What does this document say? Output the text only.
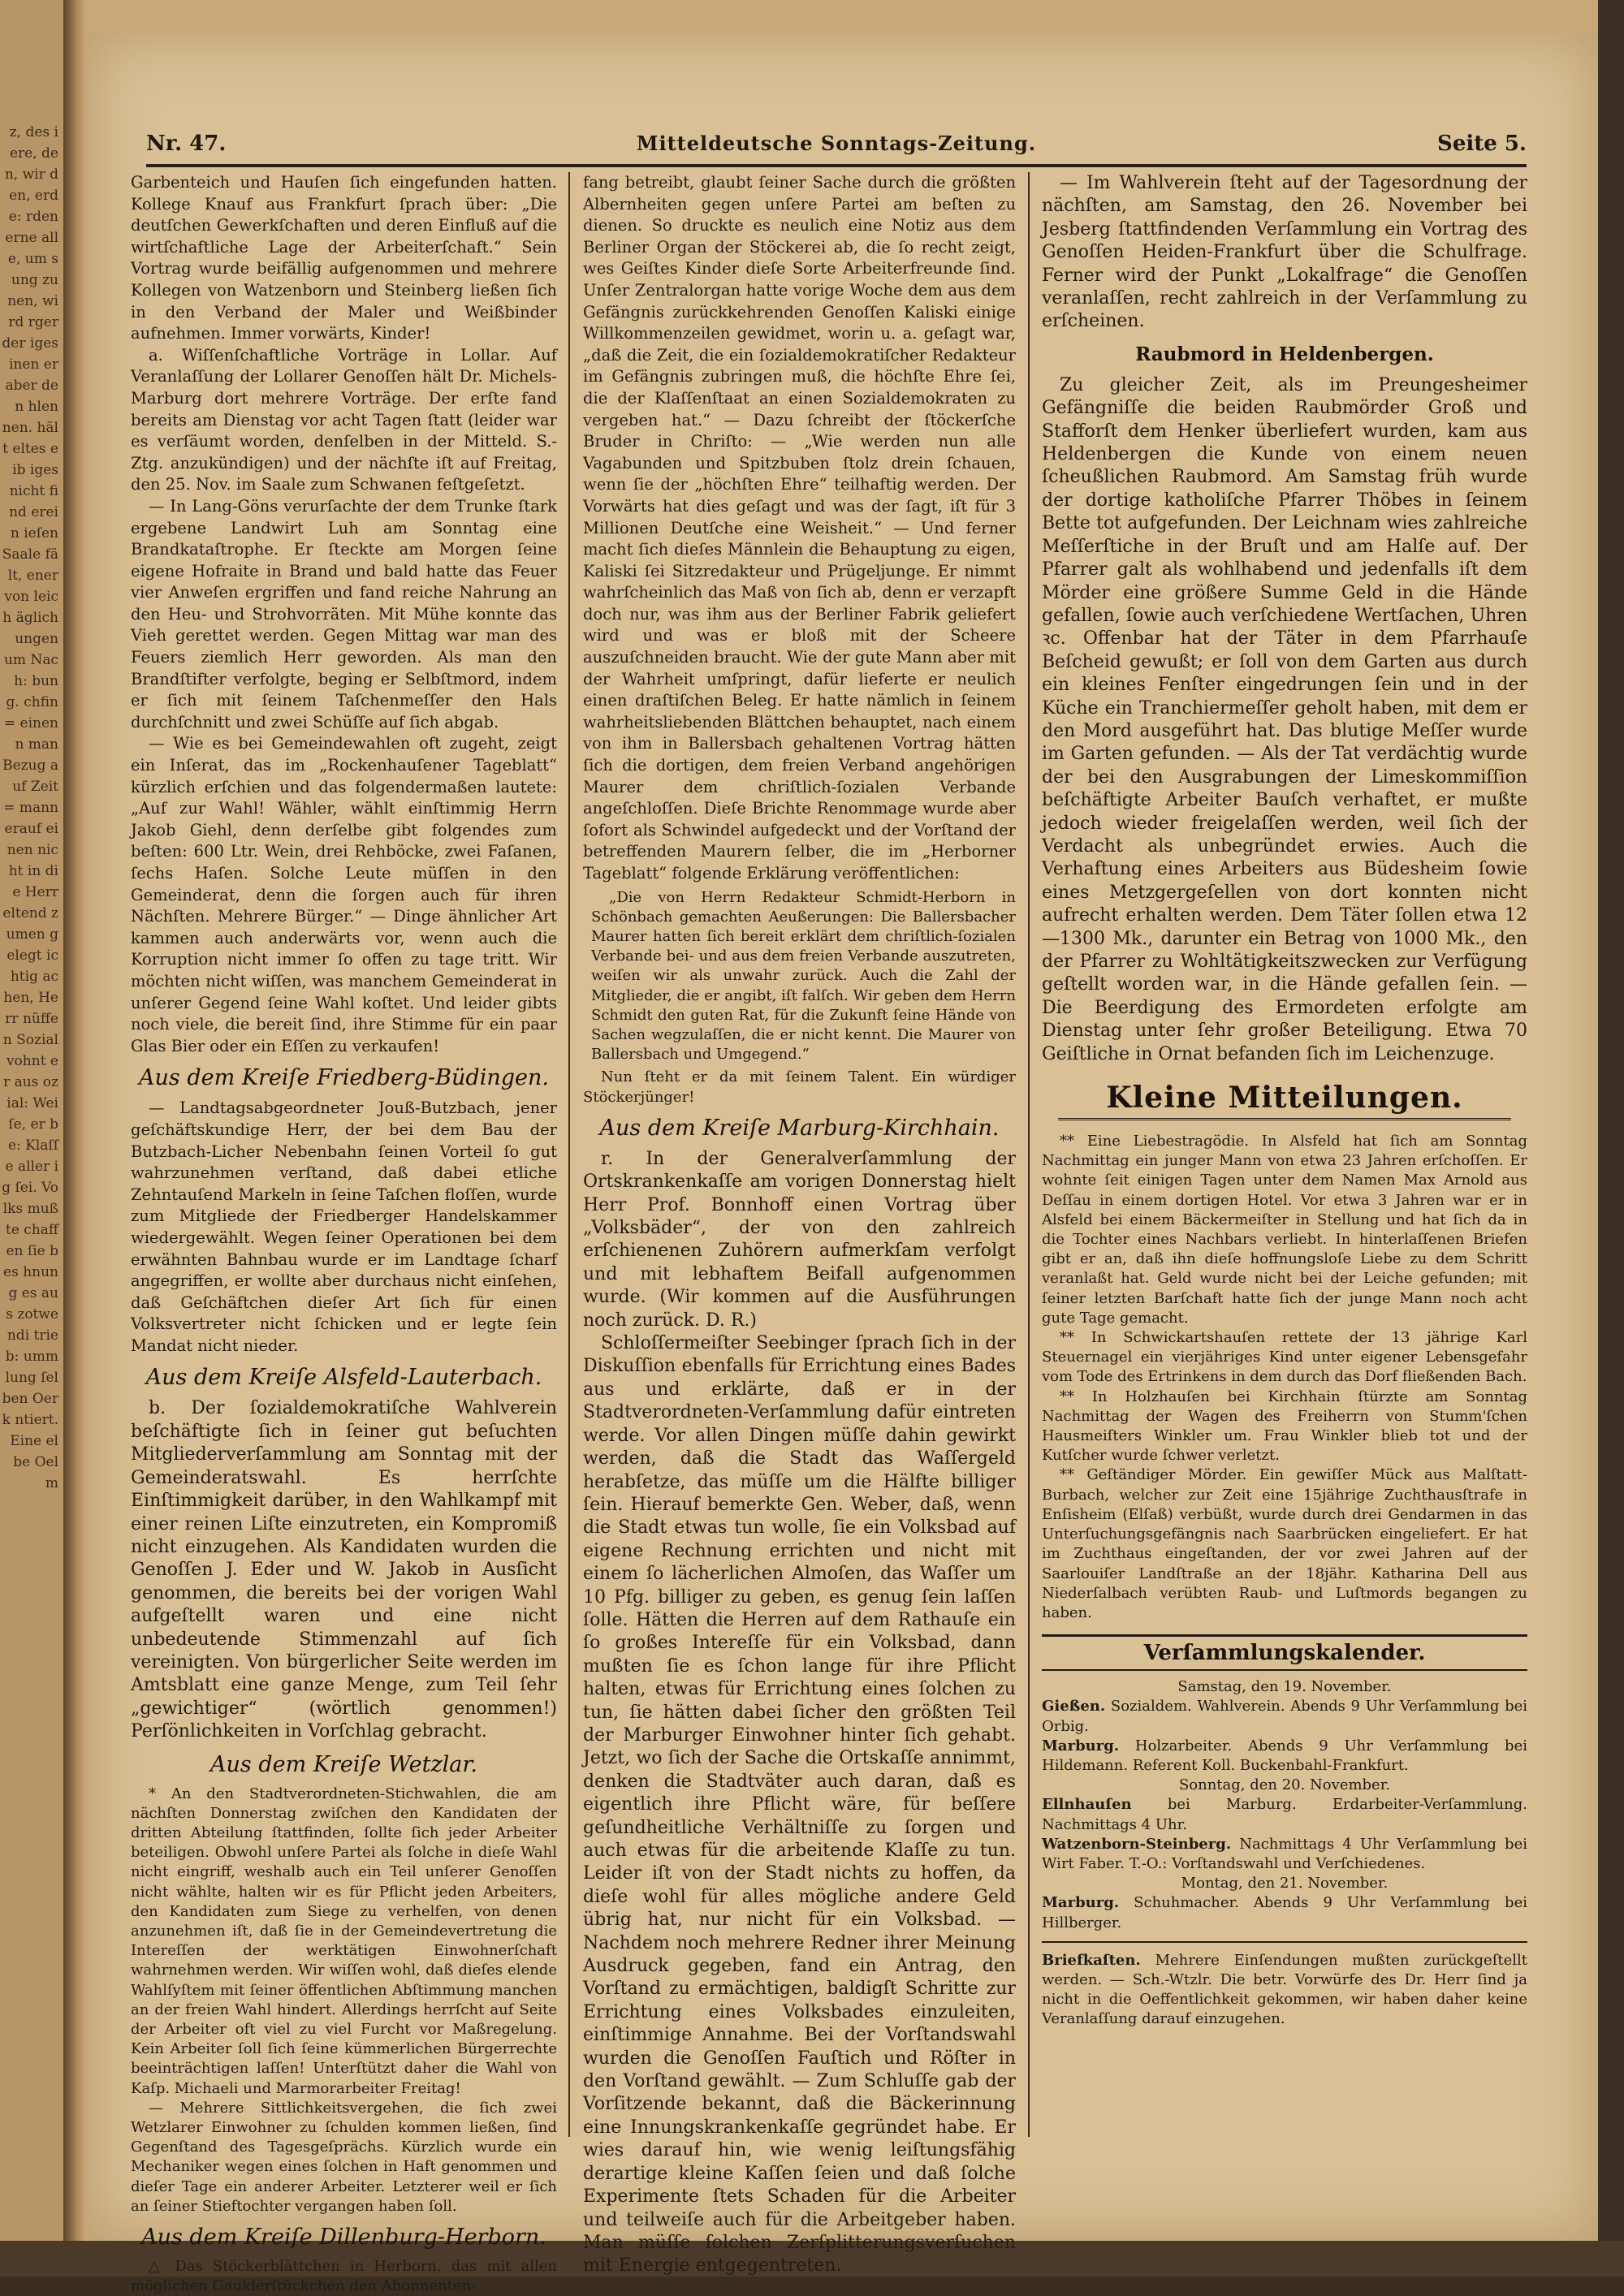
z, des iere, den, wir den, erde: rden erne alle, um sung zu nen, wird rger der iges inen er aber den hlen nen. hält eltes eib iges nicht find erein ieſen Saale fält, ener von leich äglich ungen um Nach: bung. chfin= einen n man Bezug auf Zeit= mann erauf einen nicht in die Herr eltend zumen gelegt ichtig achen, Herr nüffen Sozial vohnt er aus ozial: Weiſe, er be: Klaſſe aller ig ſei. Volks mußte chaffen ſie bes hnung es aus zotwendi trieb: ummlung ſelben Oerk ntiert. Eine elbe Oelm
Nr. 47.	Mitteldeutsche Sonntags-Zeitung.	Seite 5.

Garbenteich und Hauſen ſich eingefunden hatten. Kollege Knauf aus Frankfurt ſprach über: „Die deutſchen Gewerkſchaften und deren Einfluß auf die wirtſchaftliche Lage der Arbeiterſchaft.“ Sein Vortrag wurde beifällig aufgenommen und mehrere Kollegen von Watzenborn und Steinberg ließen ſich in den Verband der Maler und Weißbinder aufnehmen. Immer vorwärts, Kinder!

a. Wiſſenſchaftliche Vorträge in Lollar. Auf Veranlaſſung der Lollarer Genoſſen hält Dr. Michels-Marburg dort mehrere Vorträge. Der erſte fand bereits am Dienstag vor acht Tagen ſtatt (leider war es verſäumt worden, denſelben in der Mitteld. S.-Ztg. anzukündigen) und der nächſte iſt auf Freitag, den 25. Nov. im Saale zum Schwanen feſtgeſetzt.

— In Lang-Göns verurſachte der dem Trunke ſtark ergebene Landwirt Luh am Sonntag eine Brandkataſtrophe. Er ſteckte am Morgen ſeine eigene Hofraite in Brand und bald hatte das Feuer vier Anweſen ergriffen und fand reiche Nahrung an den Heu- und Strohvorräten. Mit Mühe konnte das Vieh gerettet werden. Gegen Mittag war man des Feuers ziemlich Herr geworden. Als man den Brandſtifter verfolgte, beging er Selbſtmord, indem er ſich mit ſeinem Taſchenmeſſer den Hals durchſchnitt und zwei Schüſſe auf ſich abgab.

— Wie es bei Gemeindewahlen oft zugeht, zeigt ein Inſerat, das im „Rockenhauſener Tageblatt“ kürzlich erſchien und das folgendermaßen lautete: „Auf zur Wahl! Wähler, wählt einſtimmig Herrn Jakob Giehl, denn derſelbe gibt folgendes zum beſten: 600 Ltr. Wein, drei Rehböcke, zwei Faſanen, ſechs Haſen. Solche Leute müſſen in den Gemeinderat, denn die ſorgen auch für ihren Nächſten. Mehrere Bürger.“ — Dinge ähnlicher Art kammen auch anderwärts vor, wenn auch die Korruption nicht immer ſo offen zu tage tritt. Wir möchten nicht wiſſen, was manchem Gemeinderat in unſerer Gegend ſeine Wahl koſtet. Und leider gibts noch viele, die bereit ſind, ihre Stimme für ein paar Glas Bier oder ein Eſſen zu verkaufen!

Aus dem Kreiſe Friedberg-Büdingen.

— Landtagsabgeordneter Jouß-Butzbach, jener geſchäftskundige Herr, der bei dem Bau der Butzbach-Licher Nebenbahn ſeinen Vorteil ſo gut wahrzunehmen verſtand, daß dabei etliche Zehntauſend Markeln in ſeine Taſchen floſſen, wurde zum Mitgliede der Friedberger Handelskammer wiedergewählt. Wegen ſeiner Operationen bei dem erwähnten Bahnbau wurde er im Landtage ſcharf angegriffen, er wollte aber durchaus nicht einſehen, daß Geſchäftchen dieſer Art ſich für einen Volksvertreter nicht ſchicken und er legte ſein Mandat nicht nieder.

Aus dem Kreiſe Alsfeld-Lauterbach.

b. Der ſozialdemokratiſche Wahlverein beſchäftigte ſich in ſeiner gut beſuchten Mitgliederverſammlung am Sonntag mit der Gemeinderatswahl. Es herrſchte Einſtimmigkeit darüber, in den Wahlkampf mit einer reinen Liſte einzutreten, ein Kompromiß nicht einzugehen. Als Kandidaten wurden die Genoſſen J. Eder und W. Jakob in Ausſicht genommen, die bereits bei der vorigen Wahl aufgeſtellt waren und eine nicht unbedeutende Stimmenzahl auf ſich vereinigten. Von bürgerlicher Seite werden im Amtsblatt eine ganze Menge, zum Teil ſehr „gewichtiger“ (wörtlich genommen!) Perſönlichkeiten in Vorſchlag gebracht.

Aus dem Kreiſe Wetzlar.

* An den Stadtverordneten-Stichwahlen, die am nächſten Donnerstag zwiſchen den Kandidaten der dritten Abteilung ſtattfinden, ſollte ſich jeder Arbeiter beteiligen. Obwohl unſere Partei als ſolche in dieſe Wahl nicht eingriff, weshalb auch ein Teil unſerer Genoſſen nicht wählte, halten wir es für Pflicht jeden Arbeiters, den Kandidaten zum Siege zu verhelfen, von denen anzunehmen iſt, daß ſie in der Gemeindevertretung die Intereſſen der werktätigen Einwohnerſchaft wahrnehmen werden. Wir wiſſen wohl, daß dieſes elende Wahlſyſtem mit ſeiner öffentlichen Abſtimmung manchen an der freien Wahl hindert. Allerdings herrſcht auf Seite der Arbeiter oft viel zu viel Furcht vor Maßregelung. Kein Arbeiter ſoll ſich ſeine kümmerlichen Bürgerrechte beeinträchtigen laſſen! Unterſtützt daher die Wahl von Kaſp. Michaeli und Marmorarbeiter Freitag!

— Mehrere Sittlichkeitsvergehen, die ſich zwei Wetzlarer Einwohner zu ſchulden kommen ließen, ſind Gegenſtand des Tagesgeſprächs. Kürzlich wurde ein Mechaniker wegen eines ſolchen in Haft genommen und dieſer Tage ein anderer Arbeiter. Letzterer weil er ſich an ſeiner Stieftochter vergangen haben ſoll.

Aus dem Kreiſe Dillenburg-Herborn.

△ Das Stöckerblättchen in Herborn, das mit allen möglichen Gauklerſtückchen den Abonnenten-

fang betreibt, glaubt ſeiner Sache durch die größten Albernheiten gegen unſere Partei am beſten zu dienen. So druckte es neulich eine Notiz aus dem Berliner Organ der Stöckerei ab, die ſo recht zeigt, wes Geiſtes Kinder dieſe Sorte Arbeiterfreunde ſind. Unſer Zentralorgan hatte vorige Woche dem aus dem Gefängnis zurückkehrenden Genoſſen Kaliski einige Willkommenzeilen gewidmet, worin u. a. geſagt war, „daß die Zeit, die ein ſozialdemokratiſcher Redakteur im Gefängnis zubringen muß, die höchſte Ehre ſei, die der Klaſſenſtaat an einen Sozialdemokraten zu vergeben hat.“ — Dazu ſchreibt der ſtöckerſche Bruder in Chriſto: — „Wie werden nun alle Vagabunden und Spitzbuben ſtolz drein ſchauen, wenn ſie der „höchſten Ehre“ teilhaftig werden. Der Vorwärts hat dies geſagt und was der ſagt, iſt für 3 Millionen Deutſche eine Weisheit.“ — Und ferner macht ſich dieſes Männlein die Behauptung zu eigen, Kaliski ſei Sitzredakteur und Prügeljunge. Er nimmt wahrſcheinlich das Maß von ſich ab, denn er verzapft doch nur, was ihm aus der Berliner Fabrik geliefert wird und was er bloß mit der Scheere auszuſchneiden braucht. Wie der gute Mann aber mit der Wahrheit umſpringt, dafür lieferte er neulich einen draſtiſchen Beleg. Er hatte nämlich in ſeinem wahrheitsliebenden Blättchen behauptet, nach einem von ihm in Ballersbach gehaltenen Vortrag hätten ſich die dortigen, dem freien Verband angehörigen Maurer dem chriſtlich-ſozialen Verbande angeſchloſſen. Dieſe Brichte Renommage wurde aber ſofort als Schwindel aufgedeckt und der Vorſtand der betreffenden Maurern ſelber, die im „Herborner Tageblatt“ folgende Erklärung veröffentlichen:

„Die von Herrn Redakteur Schmidt-Herborn in Schönbach gemachten Aeußerungen: Die Ballersbacher Maurer hatten ſich bereit erklärt dem chriſtlich-ſozialen Verbande bei- und aus dem freien Verbande auszutreten, weiſen wir als unwahr zurück. Auch die Zahl der Mitglieder, die er angibt, iſt falſch. Wir geben dem Herrn Schmidt den guten Rat, für die Zukunft ſeine Hände von Sachen wegzulaſſen, die er nicht kennt. Die Maurer von Ballersbach und Umgegend.“

Nun ſteht er da mit ſeinem Talent. Ein würdiger Stöckerjünger!

Aus dem Kreiſe Marburg-Kirchhain.

r. In der Generalverſammlung der Ortskrankenkaſſe am vorigen Donnerstag hielt Herr Prof. Bonnhoff einen Vortrag über „Volksbäder“, der von den zahlreich erſchienenen Zuhörern aufmerkſam verfolgt und mit lebhaftem Beifall aufgenommen wurde. (Wir kommen auf die Ausführungen noch zurück. D. R.)

Schloſſermeiſter Seebinger ſprach ſich in der Diskuſſion ebenfalls für Errichtung eines Bades aus und erklärte, daß er in der Stadtverordneten-Verſammlung dafür eintreten werde. Vor allen Dingen müſſe dahin gewirkt werden, daß die Stadt das Waſſergeld herabſetze, das müſſe um die Hälfte billiger ſein. Hierauf bemerkte Gen. Weber, daß, wenn die Stadt etwas tun wolle, ſie ein Volksbad auf eigene Rechnung errichten und nicht mit einem ſo lächerlichen Almoſen, das Waſſer um 10 Pfg. billiger zu geben, es genug ſein laſſen ſolle. Hätten die Herren auf dem Rathauſe ein ſo großes Intereſſe für ein Volksbad, dann mußten ſie es ſchon lange für ihre Pflicht halten, etwas für Errichtung eines ſolchen zu tun, ſie hätten dabei ſicher den größten Teil der Marburger Einwohner hinter ſich gehabt. Jetzt, wo ſich der Sache die Ortskaſſe annimmt, denken die Stadtväter auch daran, daß es eigentlich ihre Pflicht wäre, für beſſere geſundheitliche Verhältniſſe zu ſorgen und auch etwas für die arbeitende Klaſſe zu tun. Leider iſt von der Stadt nichts zu hoffen, da dieſe wohl für alles mögliche andere Geld übrig hat, nur nicht für ein Volksbad. — Nachdem noch mehrere Redner ihrer Meinung Ausdruck gegeben, fand ein Antrag, den Vorſtand zu ermächtigen, baldigſt Schritte zur Errichtung eines Volksbades einzuleiten, einſtimmige Annahme. Bei der Vorſtandswahl wurden die Genoſſen Fauſtich und Röſter in den Vorſtand gewählt. — Zum Schluſſe gab der Vorſitzende bekannt, daß die Bäckerinnung eine Innungskrankenkaſſe gegründet habe. Er wies darauf hin, wie wenig leiſtungsfähig derartige kleine Kaſſen ſeien und daß ſolche Experimente ſtets Schaden für die Arbeiter und teilweiſe auch für die Arbeitgeber haben. Man müſſe ſolchen Zerſplitterungsverſuchen mit Energie entgegentreten.

— Im Wahlverein ſteht auf der Tagesordnung der nächſten, am Samstag, den 26. November bei Jesberg ſtattfindenden Verſammlung ein Vortrag des Genoſſen Heiden-Frankfurt über die Schulfrage. Ferner wird der Punkt „Lokalfrage“ die Genoſſen veranlaſſen, recht zahlreich in der Verſammlung zu erſcheinen.

Raubmord in Heldenbergen.

Zu gleicher Zeit, als im Preungesheimer Gefängniſſe die beiden Raubmörder Groß und Stafforſt dem Henker überliefert wurden, kam aus Heldenbergen die Kunde von einem neuen ſcheußlichen Raubmord. Am Samstag früh wurde der dortige katholiſche Pfarrer Thöbes in ſeinem Bette tot aufgefunden. Der Leichnam wies zahlreiche Meſſerſtiche in der Bruſt und am Halſe auf. Der Pfarrer galt als wohlhabend und jedenfalls iſt dem Mörder eine größere Summe Geld in die Hände gefallen, ſowie auch verſchiedene Wertſachen, Uhren ꝛc. Offenbar hat der Täter in dem Pfarrhauſe Beſcheid gewußt; er ſoll von dem Garten aus durch ein kleines Fenſter eingedrungen ſein und in der Küche ein Tranchiermeſſer geholt haben, mit dem er den Mord ausgeführt hat. Das blutige Meſſer wurde im Garten gefunden. — Als der Tat verdächtig wurde der bei den Ausgrabungen der Limeskommiſſion beſchäftigte Arbeiter Bauſch verhaftet, er mußte jedoch wieder freigelaſſen werden, weil ſich der Verdacht als unbegründet erwies. Auch die Verhaftung eines Arbeiters aus Büdesheim ſowie eines Metzgergeſellen von dort konnten nicht aufrecht erhalten werden. Dem Täter ſollen etwa 12—1300 Mk., darunter ein Betrag von 1000 Mk., den der Pfarrer zu Wohltätigkeitszwecken zur Verfügung geſtellt worden war, in die Hände gefallen ſein. — Die Beerdigung des Ermordeten erfolgte am Dienstag unter ſehr großer Beteiligung. Etwa 70 Geiſtliche in Ornat befanden ſich im Leichenzuge.

Kleine Mitteilungen.

** Eine Liebestragödie. In Alsfeld hat ſich am Sonntag Nachmittag ein junger Mann von etwa 23 Jahren erſchoſſen. Er wohnte ſeit einigen Tagen unter dem Namen Max Arnold aus Deſſau in einem dortigen Hotel. Vor etwa 3 Jahren war er in Alsfeld bei einem Bäckermeiſter in Stellung und hat ſich da in die Tochter eines Nachbars verliebt. In hinterlaſſenen Briefen gibt er an, daß ihn dieſe hoffnungsloſe Liebe zu dem Schritt veranlaßt hat. Geld wurde nicht bei der Leiche gefunden; mit ſeiner letzten Barſchaft hatte ſich der junge Mann noch acht gute Tage gemacht.

** In Schwickartshauſen rettete der 13 jährige Karl Steuernagel ein vierjähriges Kind unter eigener Lebensgefahr vom Tode des Ertrinkens in dem durch das Dorf fließenden Bach.

** In Holzhauſen bei Kirchhain ſtürzte am Sonntag Nachmittag der Wagen des Freiherrn von Stumm'ſchen Hausmeiſters Winkler um. Frau Winkler blieb tot und der Kutſcher wurde ſchwer verletzt.

** Geſtändiger Mörder. Ein gewiſſer Mück aus Malſtatt-Burbach, welcher zur Zeit eine 15jährige Zuchthausſtrafe in Enſisheim (Elſaß) verbüßt, wurde durch drei Gendarmen in das Unterſuchungsgefängnis nach Saarbrücken eingeliefert. Er hat im Zuchthaus eingeſtanden, der vor zwei Jahren auf der Saarlouiſer Landſtraße an der 18jähr. Katharina Dell aus Niederſalbach verübten Raub- und Luſtmords begangen zu haben.

Verſammlungskalender.

Samstag, den 19. November.

Gießen. Sozialdem. Wahlverein. Abends 9 Uhr Verſammlung bei Orbig.

Marburg. Holzarbeiter. Abends 9 Uhr Verſammlung bei Hildemann. Referent Koll. Buckenbahl-Frankfurt.

Sonntag, den 20. November.

Ellnhauſen bei Marburg. Erdarbeiter-Verſammlung. Nachmittags 4 Uhr.

Watzenborn-Steinberg. Nachmittags 4 Uhr Verſammlung bei Wirt Faber. T.-O.: Vorſtandswahl und Verſchiedenes.

Montag, den 21. November.

Marburg. Schuhmacher. Abends 9 Uhr Verſammlung bei Hillberger.

Briefkaſten. Mehrere Einſendungen mußten zurückgeſtellt werden. — Sch.-Wtzlr. Die betr. Vorwürfe des Dr. Herr ſind ja nicht in die Oeffentlichkeit gekommen, wir haben daher keine Veranlaſſung darauf einzugehen.
